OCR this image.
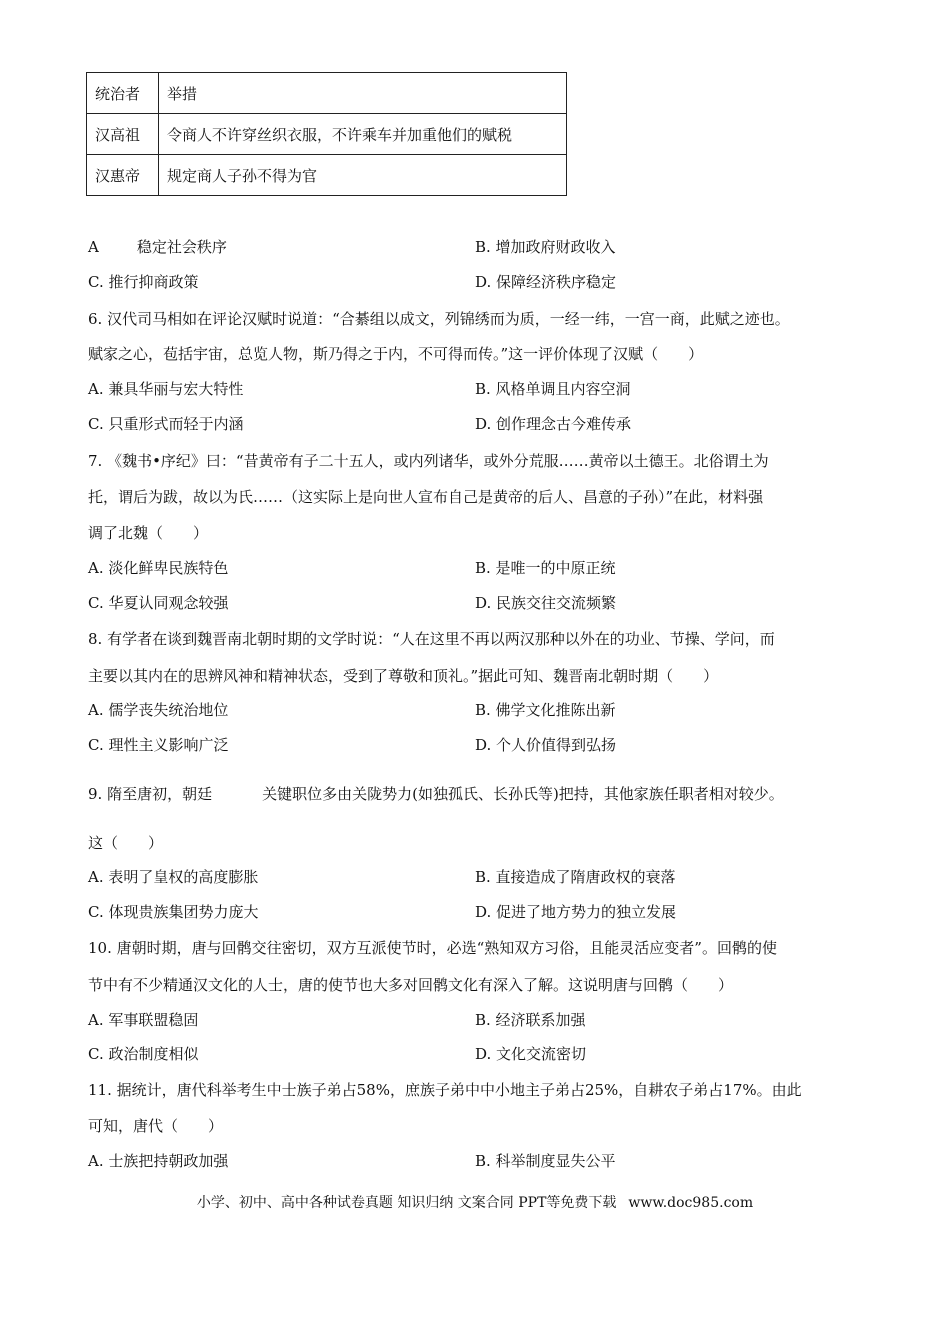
统治者	举措
汉高祖	令商人不许穿丝织衣服，不许乘车并加重他们的赋税
汉惠帝	规定商人子孙不得为官
A	稳定社会秩序	B. 增加政府财政收入
C. 推行抑商政策	D. 保障经济秩序稳定
6. 汉代司马相如在评论汉赋时说道：“合綦组以成文，列锦绣而为质，一经一纬，一宫一商，此赋之迹也。
赋家之心，苞括宇宙，总览人物，斯乃得之于内，不可得而传。”这一评价体现了汉赋（　　）
A. 兼具华丽与宏大特性	B. 风格单调且内容空洞
C. 只重形式而轻于内涵	D. 创作理念古今难传承
7. 《魏书•序纪》曰：“昔黄帝有子二十五人，或内列诸华，或外分荒服……黄帝以土德王。北俗谓土为
托，谓后为跋，故以为氏……（这实际上是向世人宣布自己是黄帝的后人、昌意的子孙）”在此，材料强
调了北魏（　　）
A. 淡化鲜卑民族特色	B. 是唯一的中原正统
C. 华夏认同观念较强	D. 民族交往交流频繁
8. 有学者在谈到魏晋南北朝时期的文学时说：“人在这里不再以两汉那种以外在的功业、节操、学问，而
主要以其内在的思辨风神和精神状态，受到了尊敬和顶礼。”据此可知、魏晋南北朝时期（　　）
A. 儒学丧失统治地位	B. 佛学文化推陈出新
C. 理性主义影响广泛	D. 个人价值得到弘扬
9. 隋至唐初，朝廷	关键职位多由关陇势力(如独孤氏、长孙氏等)把持，其他家族任职者相对较少。
这（　　）
A. 表明了皇权的高度膨胀	B. 直接造成了隋唐政权的衰落
C. 体现贵族集团势力庞大	D. 促进了地方势力的独立发展
10. 唐朝时期，唐与回鹘交往密切，双方互派使节时，必选“熟知双方习俗，且能灵活应变者”。回鹘的使
节中有不少精通汉文化的人士，唐的使节也大多对回鹘文化有深入了解。这说明唐与回鹘（　　）
A. 军事联盟稳固	B. 经济联系加强
C. 政治制度相似	D. 文化交流密切
11. 据统计，唐代科举考生中士族子弟占58%，庶族子弟中中小地主子弟占25%，自耕农子弟占17%。由此
可知，唐代（　　）
A. 士族把持朝政加强	B. 科举制度显失公平
小学、初中、高中各种试卷真题 知识归纳 文案合同 PPT等免费下载 www.doc985.com
